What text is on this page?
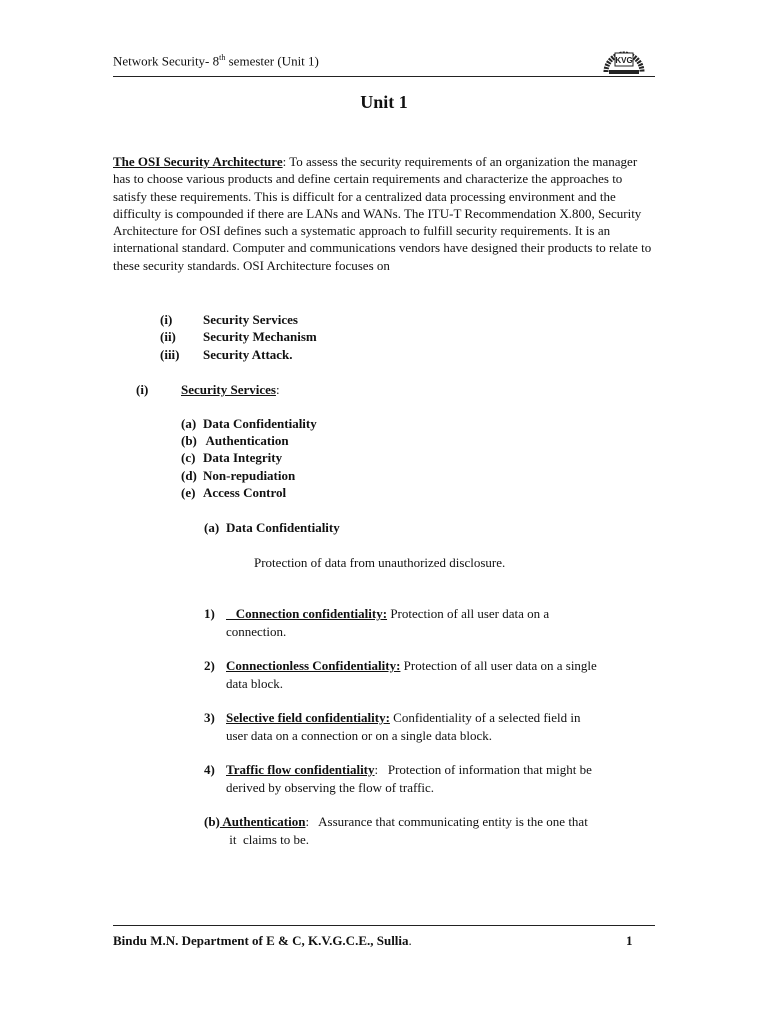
Network Security- 8th semester (Unit 1)	KVG
Unit 1
The OSI Security Architecture: To assess the security requirements of an organization the manager has to choose various products and define certain requirements and characterize the approaches to satisfy these requirements. This is difficult for a centralized data processing environment and the difficulty is compounded if there are LANs and WANs. The ITU-T Recommendation X.800, Security Architecture for OSI defines such a systematic approach to fulfill security requirements. It is an international standard. Computer and communications vendors have designed their products to relate to these security standards. OSI Architecture focuses on
(i) Security Services
(ii) Security Mechanism
(iii) Security Attack.
(i)	Security Services:
(a) Data Confidentiality
(b) Authentication
(c) Data Integrity
(d) Non-repudiation
(e) Access Control
(a) Data Confidentiality
Protection of data from unauthorized disclosure.
1)   Connection confidentiality: Protection of all user data on a
connection.
2) Connectionless Confidentiality: Protection of all user data on a single
data block.
3) Selective field confidentiality: Confidentiality of a selected field in
user data on a connection or on a single data block.
4) Traffic flow confidentiality:   Protection of information that might be
derived by observing the flow of traffic.
(b) Authentication:   Assurance that communicating entity is the one that
it  claims to be.
Bindu M.N. Department of E & C, K.V.G.C.E., Sullia.	1
